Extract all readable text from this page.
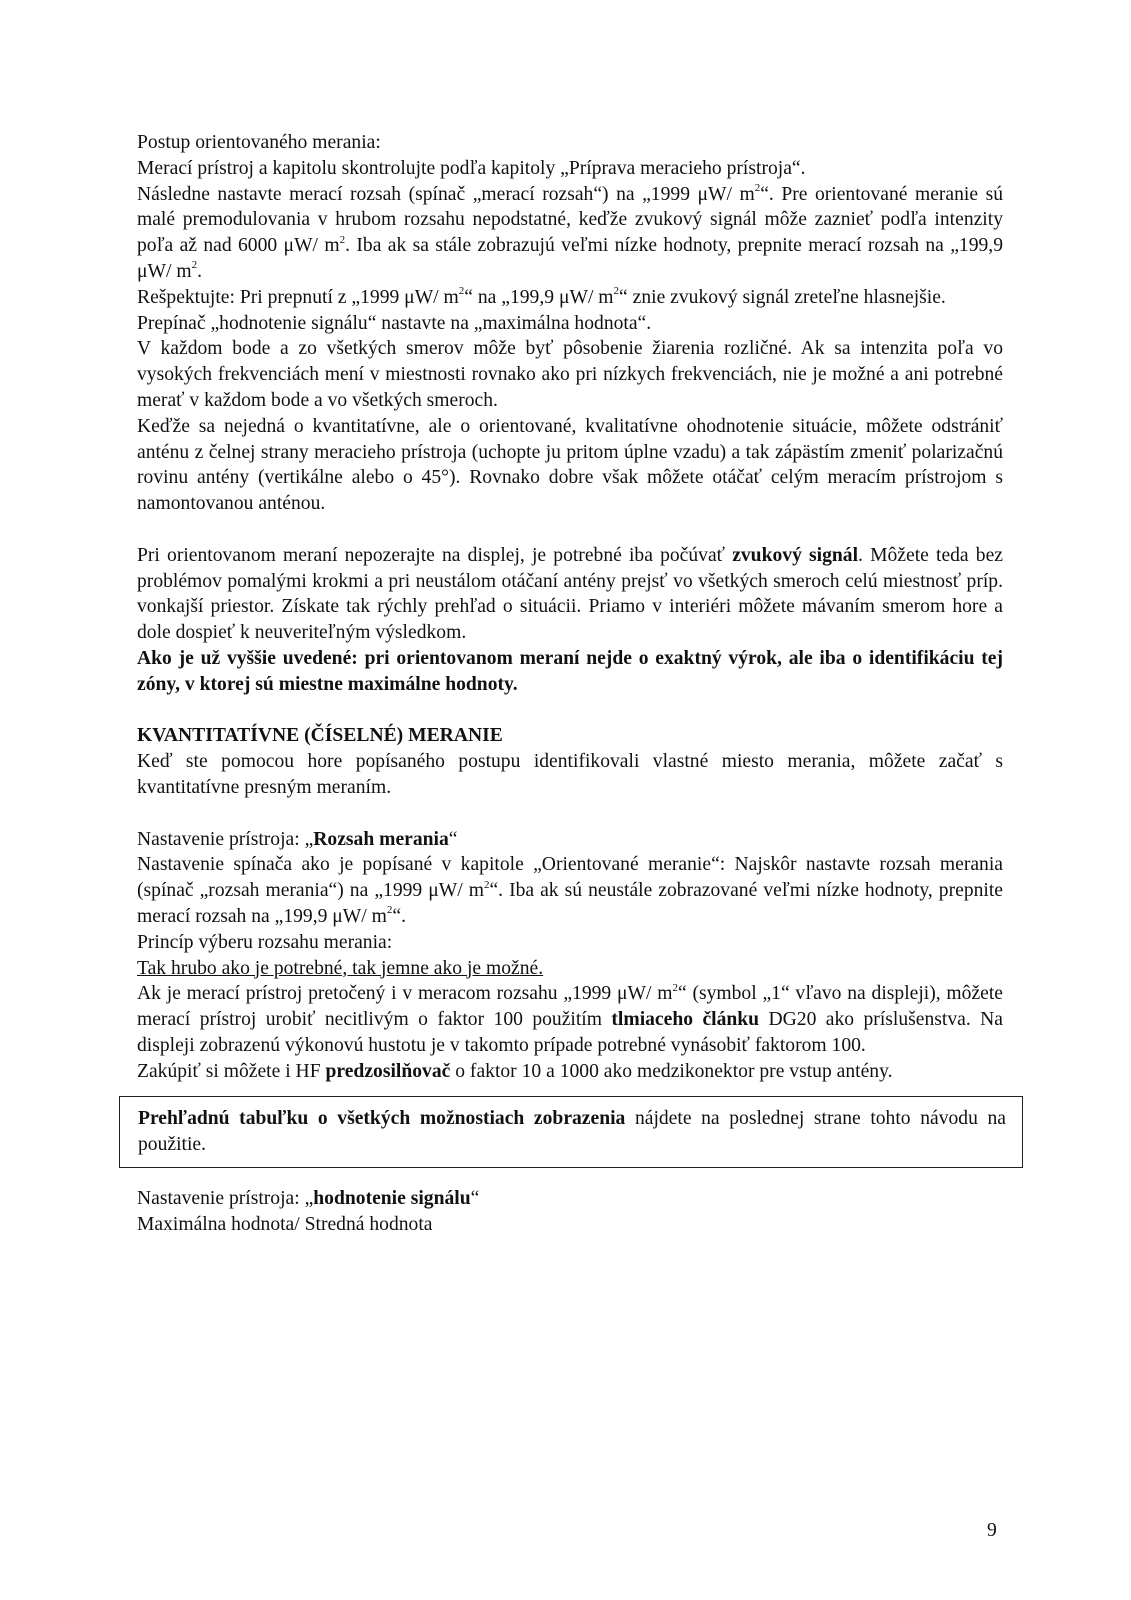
Postup orientovaného merania:

Merací prístroj a kapitolu skontrolujte podľa kapitoly „Príprava meracieho prístroja“.

Následne nastavte merací rozsah (spínač „merací rozsah“) na „1999 μW/ $m^2“$. Pre orientované meranie sú malé premodulovania v hrubom rozsahu nepodstatné, keďže zvukový signál môže zaznieť podľa intenzity poľa až nad 6000 μW/ $m^2$. Iba ak sa stále zobrazujú veľmi nízke hodnoty, prepnite merací rozsah na „199,9 μW/ $m^2$.

Rešpektujte: Pri prepnutí z „1999 μW/ $m^2“$ na „199,9 μW/ $m^2“$ znie zvukový signál zreteľne hlasnejšie.

Prepínač „hodnotenie signálu“ nastavte na „maximálna hodnota“.

V každom bode a zo všetkých smerov môže byť pôsobenie žiarenia rozličné. Ak sa intenzita poľa vo vysokých frekvenciách mení v miestnosti rovnako ako pri nízkych frekvenciách, nie je možné a ani potrebné merať v každom bode a vo všetkých smeroch.

Keďže sa nejedná o kvantitatívne, ale o orientované, kvalitatívne ohodnotenie situácie, môžete odstrániť anténu z čelnej strany meracieho prístroja (uchopte ju pritom úplne vzadu) a tak zápästím zmeniť polarizačnú rovinu antény (vertikálne alebo o 45°). Rovnako dobre však môžete otáčať celým meracím prístrojom s namontovanou anténou.

Pri orientovanom meraní nepozerajte na displej, je potrebné iba počúvať zvukový signál. Môžete teda bez problémov pomalými krokmi a pri neustálom otáčaní antény prejsť vo všetkých smeroch celú miestnosť príp. vonkajší priestor. Získate tak rýchly prehľad o situácii. Priamo v interiéri môžete mávaním smerom hore a dole dospieť k neuveriteľným výsledkom.

Ako je už vyššie uvedené: pri orientovanom meraní nejde o exaktný výrok, ale iba o identifikáciu tej zóny, v ktorej sú miestne maximálne hodnoty.

KVANTITATÍVNE (ČÍSELNÉ) MERANIE

Keď ste pomocou hore popísaného postupu identifikovali vlastné miesto merania, môžete začať s kvantitatívne presným meraním.

Nastavenie prístroja: „Rozsah merania“

Nastavenie spínača ako je popísané v kapitole „Orientované meranie“: Najskôr nastavte rozsah merania (spínač „rozsah merania“) na „1999 μW/ $m^2“$. Iba ak sú neustále zobrazované veľmi nízke hodnoty, prepnite merací rozsah na „199,9 μW/ $m^2“$.

Princíp výberu rozsahu merania:

Tak hrubo ako je potrebné, tak jemne ako je možné.

Ak je merací prístroj pretočený i v meracom rozsahu „1999 μW/ $m^2“$ (symbol „1“ vľavo na displeji), môžete merací prístroj urobiť necitlivým o faktor 100 použitím tlmiaceho článku DG20 ako príslušenstva. Na displeji zobrazenú výkonovú hustotu je v takomto prípade potrebné vynásobiť faktorom 100.

Zakúpiť si môžete i HF predzosilňovač o faktor 10 a 1000 ako medzikonektor pre vstup antény.

Prehľadnú tabuľku o všetkých možnostiach zobrazenia nájdete na poslednej strane tohto návodu na použitie.

Nastavenie prístroja: „hodnotenie signálu“

Maximálna hodnota/ Stredná hodnota

9
